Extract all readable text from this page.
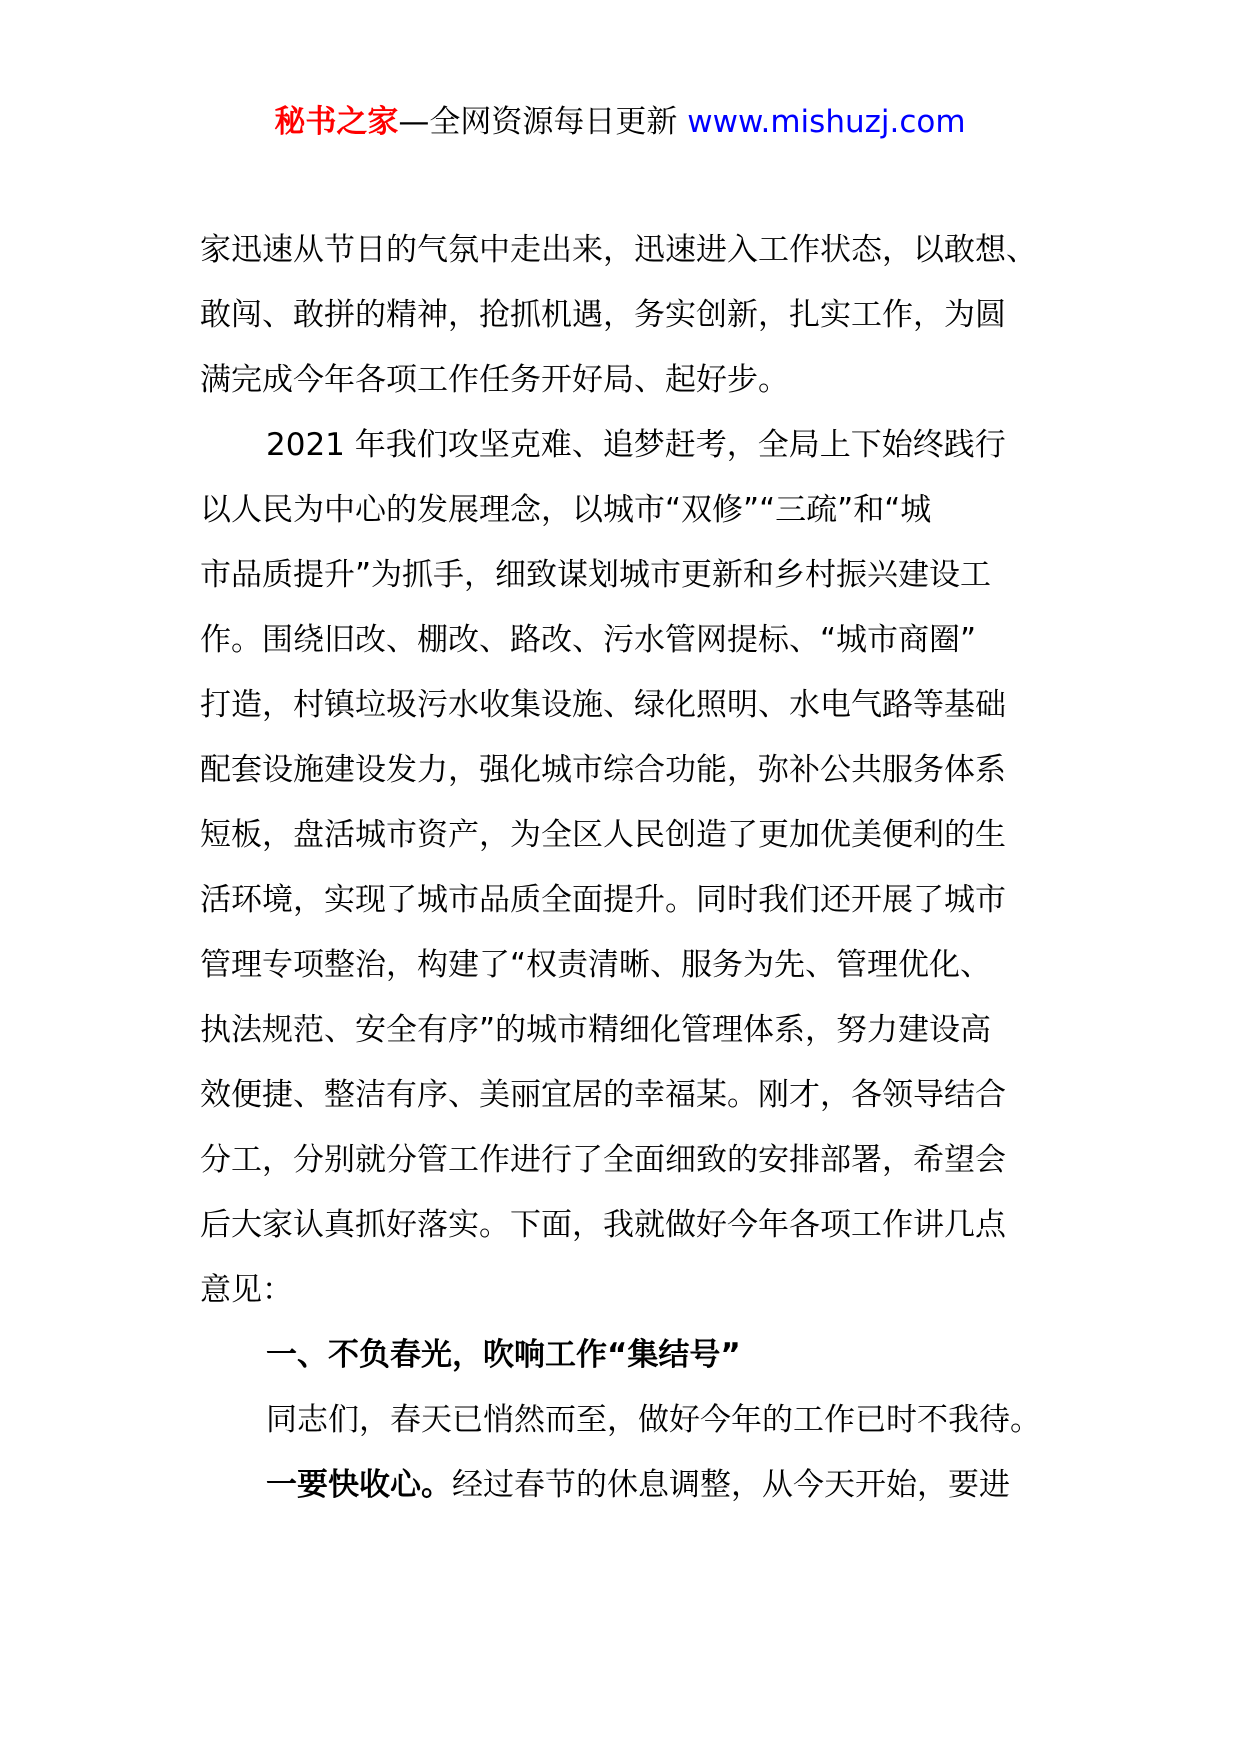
秘书之家—全网资源每日更新 www.mishuzj.com
家迅速从节日的气氛中走出来，迅速进入工作状态，以敢想、
敢闯、敢拼的精神，抢抓机遇，务实创新，扎实工作，为圆
满完成今年各项工作任务开好局、起好步。
2021 年我们攻坚克难、追梦赶考，全局上下始终践行
以人民为中心的发展理念，以城市“双修”“三疏”和“城
市品质提升”为抓手，细致谋划城市更新和乡村振兴建设工
作。围绕旧改、棚改、路改、污水管网提标、“城市商圈”
打造，村镇垃圾污水收集设施、绿化照明、水电气路等基础
配套设施建设发力，强化城市综合功能，弥补公共服务体系
短板，盘活城市资产，为全区人民创造了更加优美便利的生
活环境，实现了城市品质全面提升。同时我们还开展了城市
管理专项整治，构建了“权责清晰、服务为先、管理优化、
执法规范、安全有序”的城市精细化管理体系，努力建设高
效便捷、整洁有序、美丽宜居的幸福某。刚才，各领导结合
分工，分别就分管工作进行了全面细致的安排部署，希望会
后大家认真抓好落实。下面，我就做好今年各项工作讲几点
意见：
一、不负春光，吹响工作“集结号”
同志们，春天已悄然而至，做好今年的工作已时不我待。
一要快收心。经过春节的休息调整，从今天开始，要进
